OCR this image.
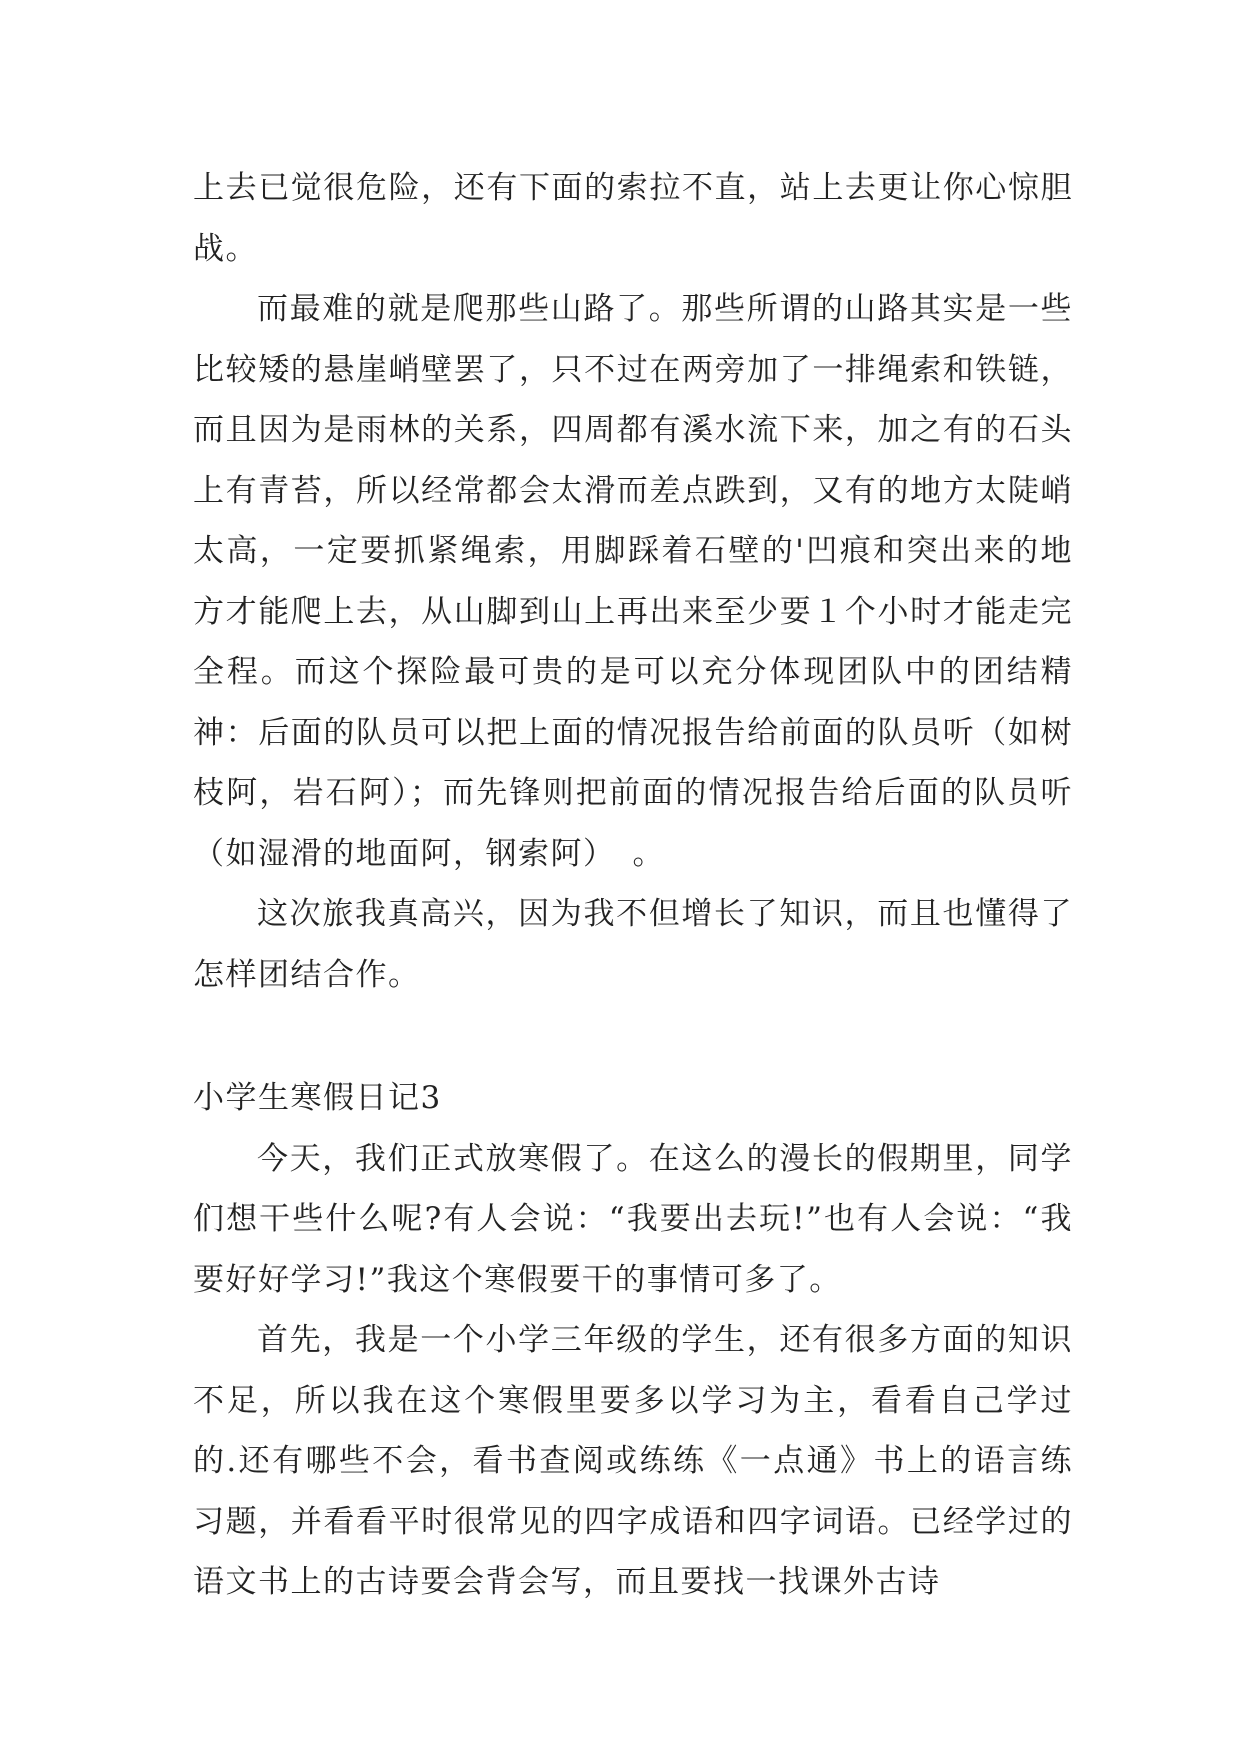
上去已觉很危险，还有下面的索拉不直，站上去更让你心惊胆战。

而最难的就是爬那些山路了。那些所谓的山路其实是一些比较矮的悬崖峭壁罢了，只不过在两旁加了一排绳索和铁链，而且因为是雨林的关系，四周都有溪水流下来，加之有的石头上有青苔，所以经常都会太滑而差点跌到，又有的地方太陡峭太高，一定要抓紧绳索，用脚踩着石壁的'凹痕和突出来的地方才能爬上去，从山脚到山上再出来至少要１个小时才能走完全程。而这个探险最可贵的是可以充分体现团队中的团结精神：后面的队员可以把上面的情况报告给前面的队员听（如树枝阿，岩石阿）；而先锋则把前面的情况报告给后面的队员听（如湿滑的地面阿，钢索阿）　。

这次旅我真高兴，因为我不但增长了知识，而且也懂得了怎样团结合作。

小学生寒假日记3

今天，我们正式放寒假了。在这么的漫长的假期里，同学们想干些什么呢?有人会说：“我要出去玩!”也有人会说：“我要好好学习!”我这个寒假要干的事情可多了。

首先，我是一个小学三年级的学生，还有很多方面的知识不足，所以我在这个寒假里要多以学习为主，看看自己学过的.还有哪些不会，看书查阅或练练《一点通》书上的语言练习题，并看看平时很常见的四字成语和四字词语。已经学过的语文书上的古诗要会背会写，而且要找一找课外古诗
